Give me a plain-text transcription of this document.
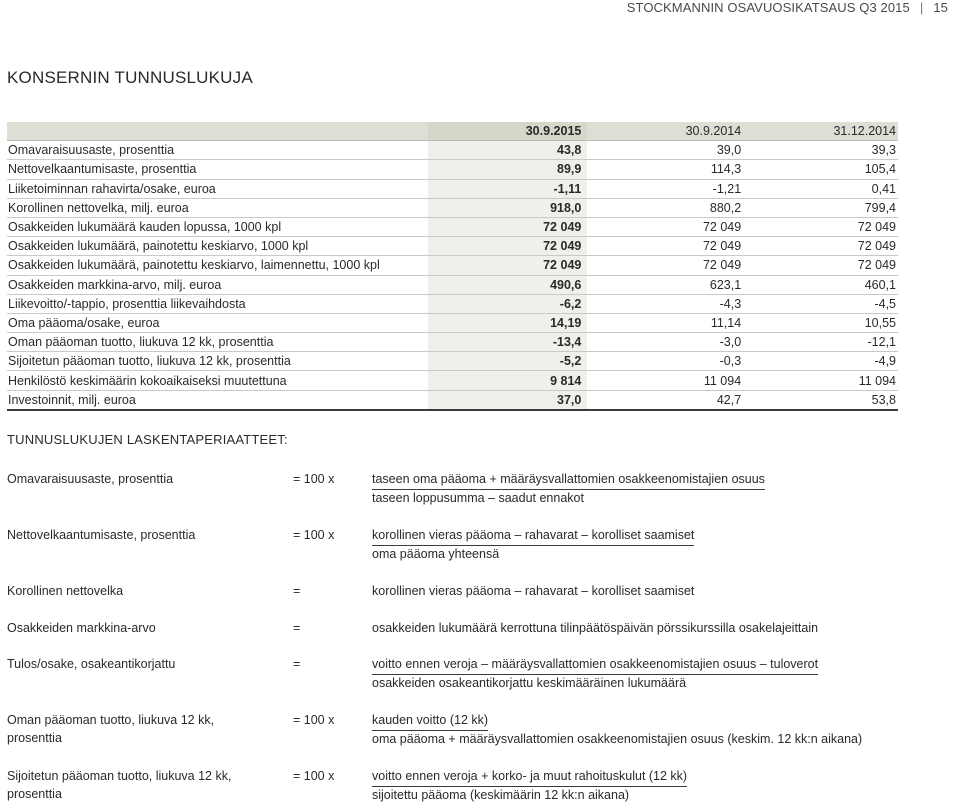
STOCKMANNIN OSAVUOSIKATSAUS Q3 2015 | 15
KONSERNIN TUNNUSLUKUJA
30.9.2015	30.9.2014	31.12.2014
Omavaraisuusaste, prosenttia	43,8	39,0	39,3
Nettovelkaantumisaste, prosenttia	89,9	114,3	105,4
Liiketoiminnan rahavirta/osake, euroa	-1,11	-1,21	0,41
Korollinen nettovelka, milj. euroa	918,0	880,2	799,4
Osakkeiden lukumäärä kauden lopussa, 1000 kpl	72 049	72 049	72 049
Osakkeiden lukumäärä, painotettu keskiarvo, 1000 kpl	72 049	72 049	72 049
Osakkeiden lukumäärä, painotettu keskiarvo, laimennettu, 1000 kpl	72 049	72 049	72 049
Osakkeiden markkina-arvo, milj. euroa	490,6	623,1	460,1
Liikevoitto/-tappio, prosenttia liikevaihdosta	-6,2	-4,3	-4,5
Oma pääoma/osake, euroa	14,19	11,14	10,55
Oman pääoman tuotto, liukuva 12 kk, prosenttia	-13,4	-3,0	-12,1
Sijoitetun pääoman tuotto, liukuva 12 kk, prosenttia	-5,2	-0,3	-4,9
Henkilöstö keskimäärin kokoaikaiseksi muutettuna	9 814	11 094	11 094
Investoinnit, milj. euroa	37,0	42,7	53,8
TUNNUSLUKUJEN LASKENTAPERIAATTEET:
Omavaraisuusaste, prosenttia	= 100 x	taseen oma pääoma + määräysvallattomien osakkeenomistajien osuus
taseen loppusumma – saadut ennakot
Nettovelkaantumisaste, prosenttia	= 100 x	korollinen vieras pääoma – rahavarat – korolliset saamiset
oma pääoma yhteensä
Korollinen nettovelka	=	korollinen vieras pääoma – rahavarat – korolliset saamiset
Osakkeiden markkina-arvo	=	osakkeiden lukumäärä kerrottuna tilinpäätöspäivän pörssikurssilla osakelajeittain
Tulos/osake, osakeantikorjattu	=	voitto ennen veroja – määräysvallattomien osakkeenomistajien osuus – tuloverot
osakkeiden osakeantikorjattu keskimääräinen lukumäärä
Oman pääoman tuotto, liukuva 12 kk,
prosenttia
= 100 x	kauden voitto (12 kk)
oma pääoma + määräysvallattomien osakkeenomistajien osuus (keskim. 12 kk:n aikana)
Sijoitetun pääoman tuotto, liukuva 12 kk,
prosenttia
= 100 x	voitto ennen veroja + korko- ja muut rahoituskulut (12 kk)
sijoitettu pääoma (keskimäärin 12 kk:n aikana)
